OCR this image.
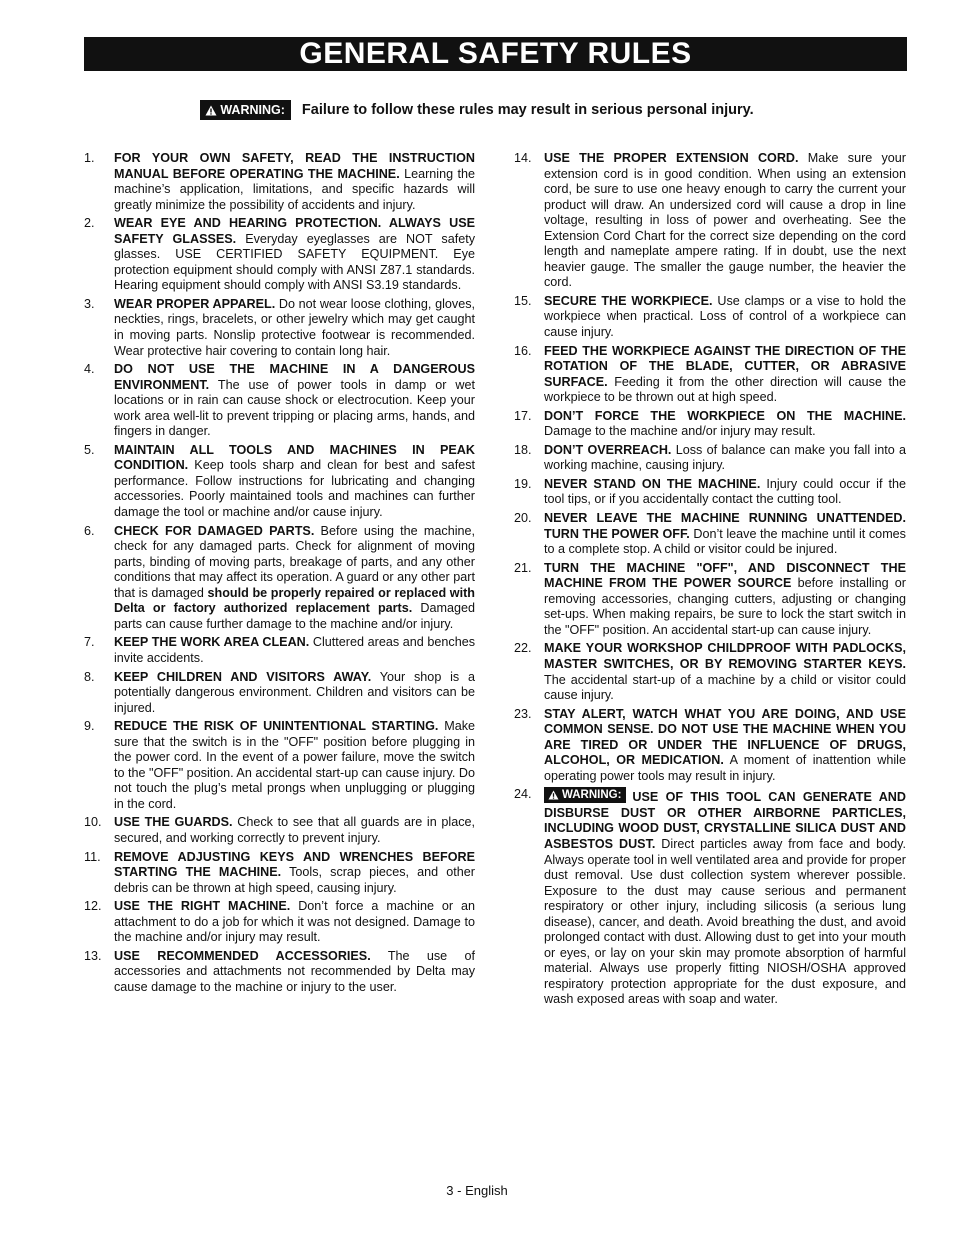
GENERAL SAFETY RULES
WARNING: Failure to follow these rules may result in serious personal injury.
1. FOR YOUR OWN SAFETY, READ THE INSTRUCTION MANUAL BEFORE OPERATING THE MACHINE. Learning the machine’s application, limitations, and specific hazards will greatly minimize the possibility of accidents and injury.
2. WEAR EYE AND HEARING PROTECTION. ALWAYS USE SAFETY GLASSES. Everyday eyeglasses are NOT safety glasses. USE CERTIFIED SAFETY EQUIPMENT. Eye protection equipment should comply with ANSI Z87.1 standards. Hearing equipment should comply with ANSI S3.19 standards.
3. WEAR PROPER APPAREL. Do not wear loose clothing, gloves, neckties, rings, bracelets, or other jewelry which may get caught in moving parts. Nonslip protective footwear is recommended. Wear protective hair covering to contain long hair.
4. DO NOT USE THE MACHINE IN A DANGEROUS ENVIRONMENT. The use of power tools in damp or wet locations or in rain can cause shock or electrocution. Keep your work area well-lit to prevent tripping or placing arms, hands, and fingers in danger.
5. MAINTAIN ALL TOOLS AND MACHINES IN PEAK CONDITION. Keep tools sharp and clean for best and safest performance. Follow instructions for lubricating and changing accessories. Poorly maintained tools and machines can further damage the tool or machine and/or cause injury.
6. CHECK FOR DAMAGED PARTS. Before using the machine, check for any damaged parts. Check for alignment of moving parts, binding of moving parts, breakage of parts, and any other conditions that may affect its operation. A guard or any other part that is damaged should be properly repaired or replaced with Delta or factory authorized replacement parts. Damaged parts can cause further damage to the machine and/or injury.
7. KEEP THE WORK AREA CLEAN. Cluttered areas and benches invite accidents.
8. KEEP CHILDREN AND VISITORS AWAY. Your shop is a potentially dangerous environment. Children and visitors can be injured.
9. REDUCE THE RISK OF UNINTENTIONAL STARTING. Make sure that the switch is in the "OFF" position before plugging in the power cord. In the event of a power failure, move the switch to the "OFF" position. An accidental start-up can cause injury. Do not touch the plug’s metal prongs when unplugging or plugging in the cord.
10. USE THE GUARDS. Check to see that all guards are in place, secured, and working correctly to prevent injury.
11. REMOVE ADJUSTING KEYS AND WRENCHES BEFORE STARTING THE MACHINE. Tools, scrap pieces, and other debris can be thrown at high speed, causing injury.
12. USE THE RIGHT MACHINE. Don’t force a machine or an attachment to do a job for which it was not designed. Damage to the machine and/or injury may result.
13. USE RECOMMENDED ACCESSORIES. The use of accessories and attachments not recommended by Delta may cause damage to the machine or injury to the user.
14. USE THE PROPER EXTENSION CORD. Make sure your extension cord is in good condition. When using an extension cord, be sure to use one heavy enough to carry the current your product will draw. An undersized cord will cause a drop in line voltage, resulting in loss of power and overheating. See the Extension Cord Chart for the correct size depending on the cord length and nameplate ampere rating. If in doubt, use the next heavier gauge. The smaller the gauge number, the heavier the cord.
15. SECURE THE WORKPIECE. Use clamps or a vise to hold the workpiece when practical. Loss of control of a workpiece can cause injury.
16. FEED THE WORKPIECE AGAINST THE DIRECTION OF THE ROTATION OF THE BLADE, CUTTER, OR ABRASIVE SURFACE. Feeding it from the other direction will cause the workpiece to be thrown out at high speed.
17. DON’T FORCE THE WORKPIECE ON THE MACHINE. Damage to the machine and/or injury may result.
18. DON’T OVERREACH. Loss of balance can make you fall into a working machine, causing injury.
19. NEVER STAND ON THE MACHINE. Injury could occur if the tool tips, or if you accidentally contact the cutting tool.
20. NEVER LEAVE THE MACHINE RUNNING UNATTENDED. TURN THE POWER OFF. Don’t leave the machine until it comes to a complete stop. A child or visitor could be injured.
21. TURN THE MACHINE "OFF", AND DISCONNECT THE MACHINE FROM THE POWER SOURCE before installing or removing accessories, changing cutters, adjusting or changing set-ups. When making repairs, be sure to lock the start switch in the "OFF" position. An accidental start-up can cause injury.
22. MAKE YOUR WORKSHOP CHILDPROOF WITH PADLOCKS, MASTER SWITCHES, OR BY REMOVING STARTER KEYS. The accidental start-up of a machine by a child or visitor could cause injury.
23. STAY ALERT, WATCH WHAT YOU ARE DOING, AND USE COMMON SENSE. DO NOT USE THE MACHINE WHEN YOU ARE TIRED OR UNDER THE INFLUENCE OF DRUGS, ALCOHOL, OR MEDICATION. A moment of inattention while operating power tools may result in injury.
24.	WARNING: USE OF THIS TOOL CAN GENERATE AND DISBURSE DUST OR OTHER AIRBORNE PARTICLES, INCLUDING WOOD DUST, CRYSTALLINE SILICA DUST AND ASBESTOS DUST. Direct particles away from face and body. Always operate tool in well ventilated area and provide for proper dust removal. Use dust collection system wherever possible. Exposure to the dust may cause serious and permanent respiratory or other injury, including silicosis (a serious lung disease), cancer, and death. Avoid breathing the dust, and avoid prolonged contact with dust. Allowing dust to get into your mouth or eyes, or lay on your skin may promote absorption of harmful material. Always use properly fitting NIOSH/OSHA approved respiratory protection appropriate for the dust exposure, and wash exposed areas with soap and water.
3 - English
